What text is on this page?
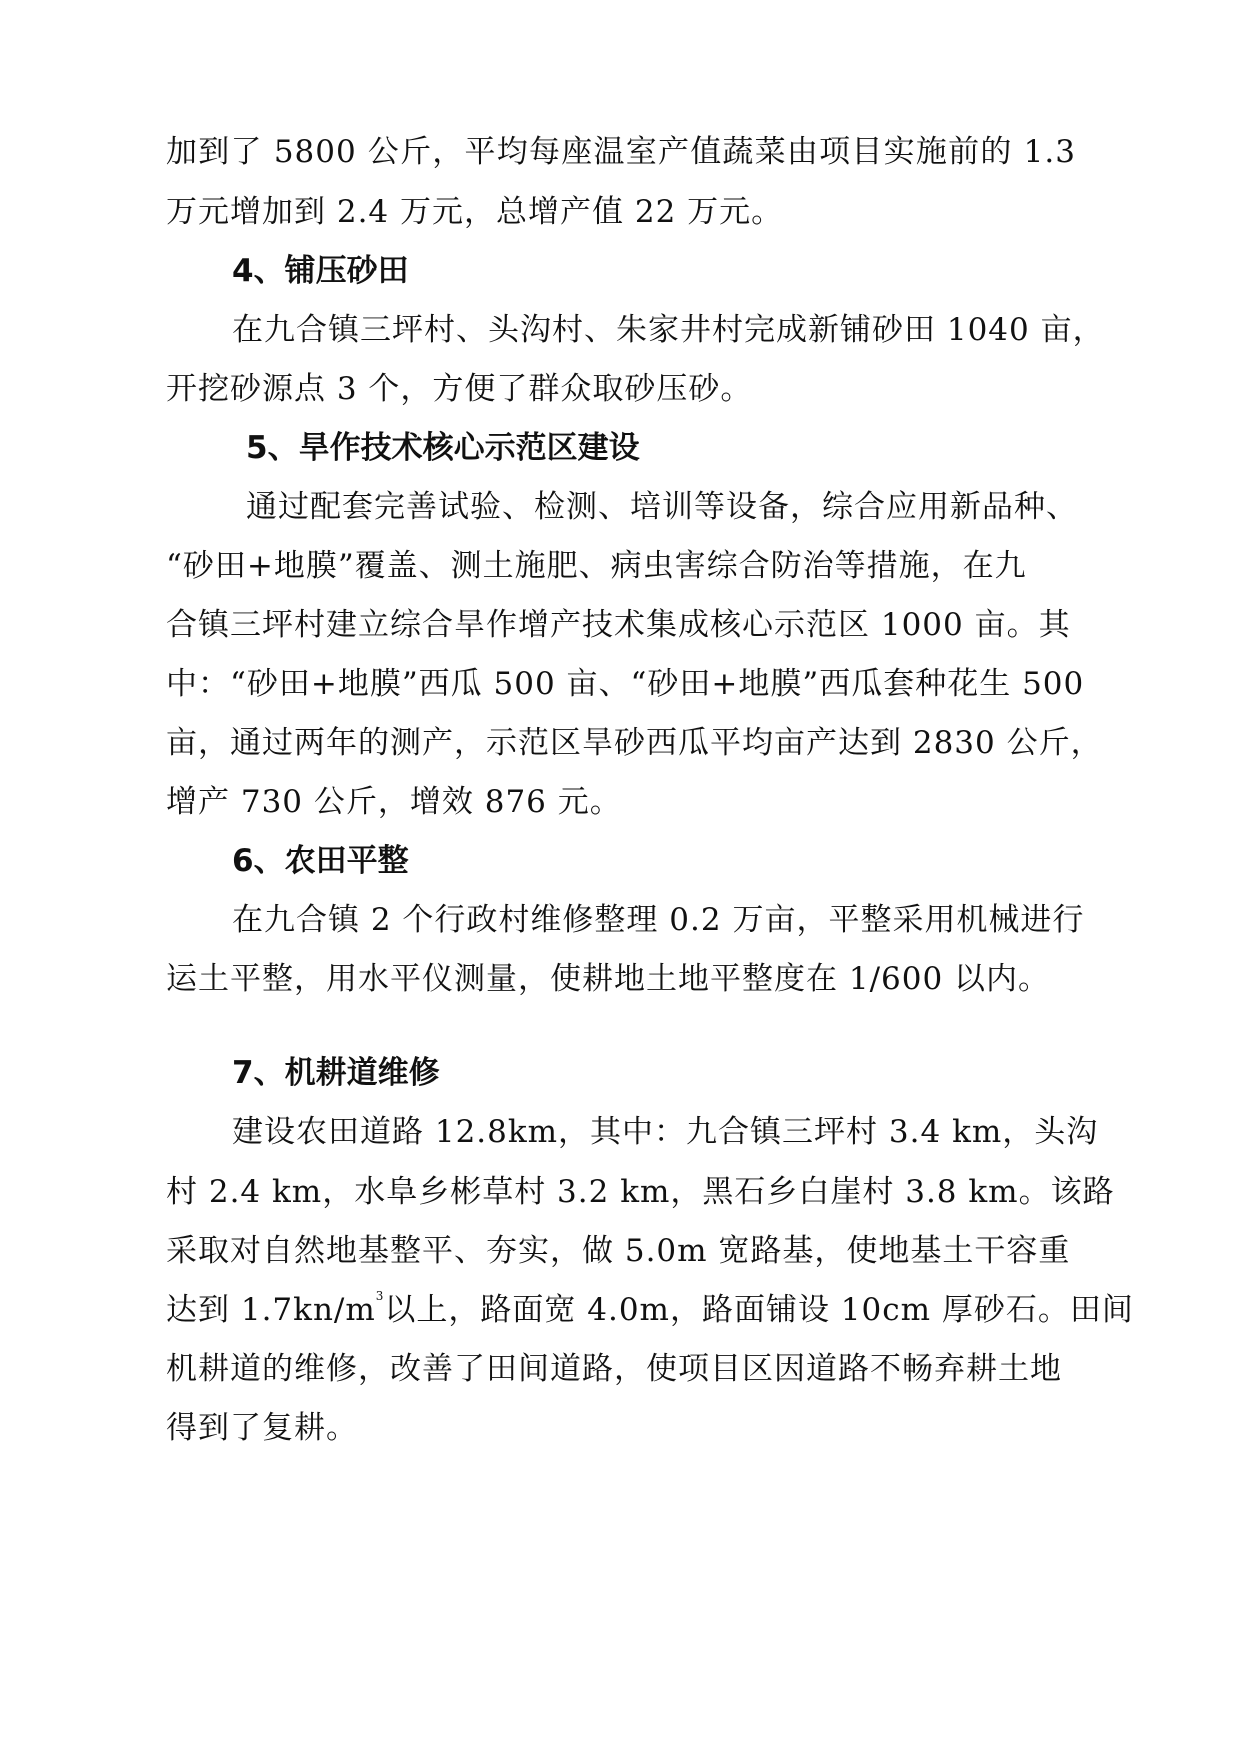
加到了 5800 公斤，平均每座温室产值蔬菜由项目实施前的 1.3

万元增加到 2.4 万元，总增产值 22 万元。

4、铺压砂田

在九合镇三坪村、头沟村、朱家井村完成新铺砂田 1040 亩，

开挖砂源点 3 个，方便了群众取砂压砂。

5、旱作技术核心示范区建设

通过配套完善试验、检测、培训等设备，综合应用新品种、

“砂田+地膜”覆盖、测土施肥、病虫害综合防治等措施，在九

合镇三坪村建立综合旱作增产技术集成核心示范区 1000 亩。其

中：“砂田+地膜”西瓜 500 亩、“砂田+地膜”西瓜套种花生 500

亩，通过两年的测产，示范区旱砂西瓜平均亩产达到 2830 公斤，

增产 730 公斤，增效 876 元。

6、农田平整

在九合镇 2 个行政村维修整理 0.2 万亩，平整采用机械进行

运土平整，用水平仪测量，使耕地土地平整度在 1/600 以内。

7、机耕道维修

建设农田道路 12.8km，其中：九合镇三坪村 3.4 km，头沟

村 2.4 km，水阜乡彬草村 3.2 km，黑石乡白崖村 3.8 km。该路

采取对自然地基整平、夯实，做 5.0m 宽路基，使地基土干容重

达到 $1.7kn/m^3$以上，路面宽 4.0m，路面铺设 10cm 厚砂石。田间

机耕道的维修，改善了田间道路，使项目区因道路不畅弃耕土地

得到了复耕。
